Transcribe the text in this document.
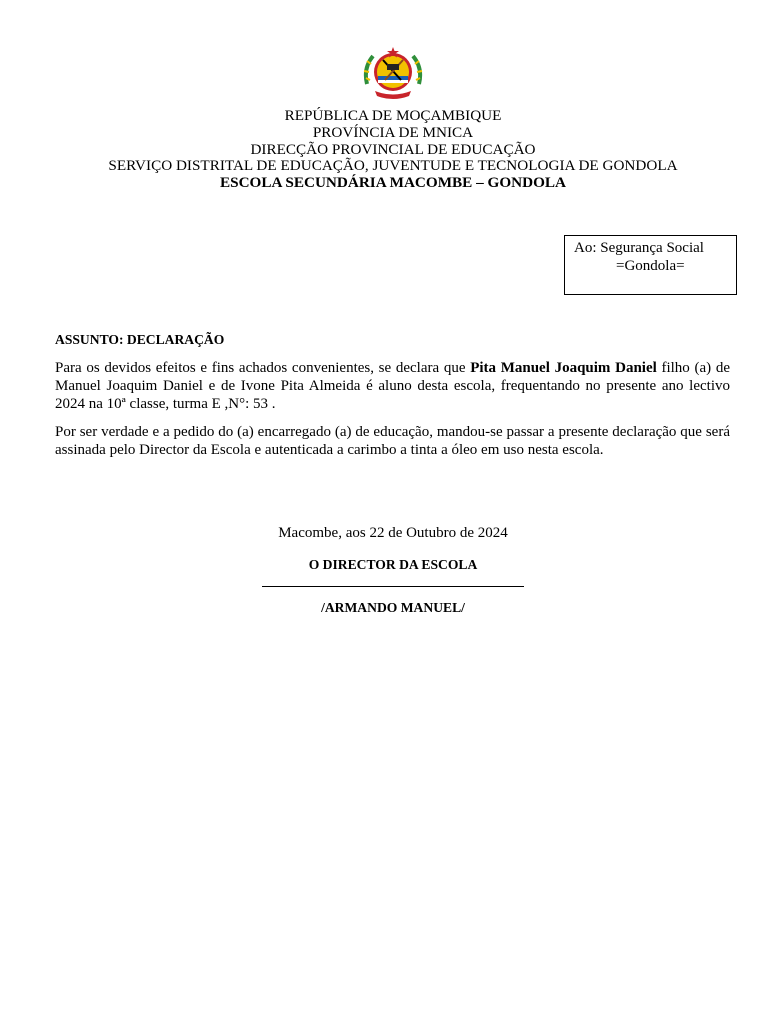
REPÚBLICA DE MOÇAMBIQUE
PROVÍNCIA DE MNICA
DIRECÇÃO PROVINCIAL DE EDUCAÇÃO
SERVIÇO DISTRITAL DE EDUCAÇÃO, JUVENTUDE E TECNOLOGIA DE GONDOLA
ESCOLA SECUNDÁRIA MACOMBE – GONDOLA
Ao: Segurança Social
=Gondola=
ASSUNTO: DECLARAÇÃO
Para os devidos efeitos e fins achados convenientes, se declara que Pita Manuel Joaquim Daniel filho (a) de Manuel Joaquim Daniel e de Ivone Pita Almeida é aluno desta escola, frequentando no presente ano lectivo 2024 na 10ª classe, turma E ,N°: 53 .
Por ser verdade e a pedido do (a) encarregado (a) de educação, mandou-se passar a presente declaração que será assinada pelo Director da Escola e autenticada a carimbo a tinta a óleo em uso nesta escola.
Macombe, aos 22 de Outubro de 2024
O DIRECTOR DA ESCOLA
/ARMANDO MANUEL/
